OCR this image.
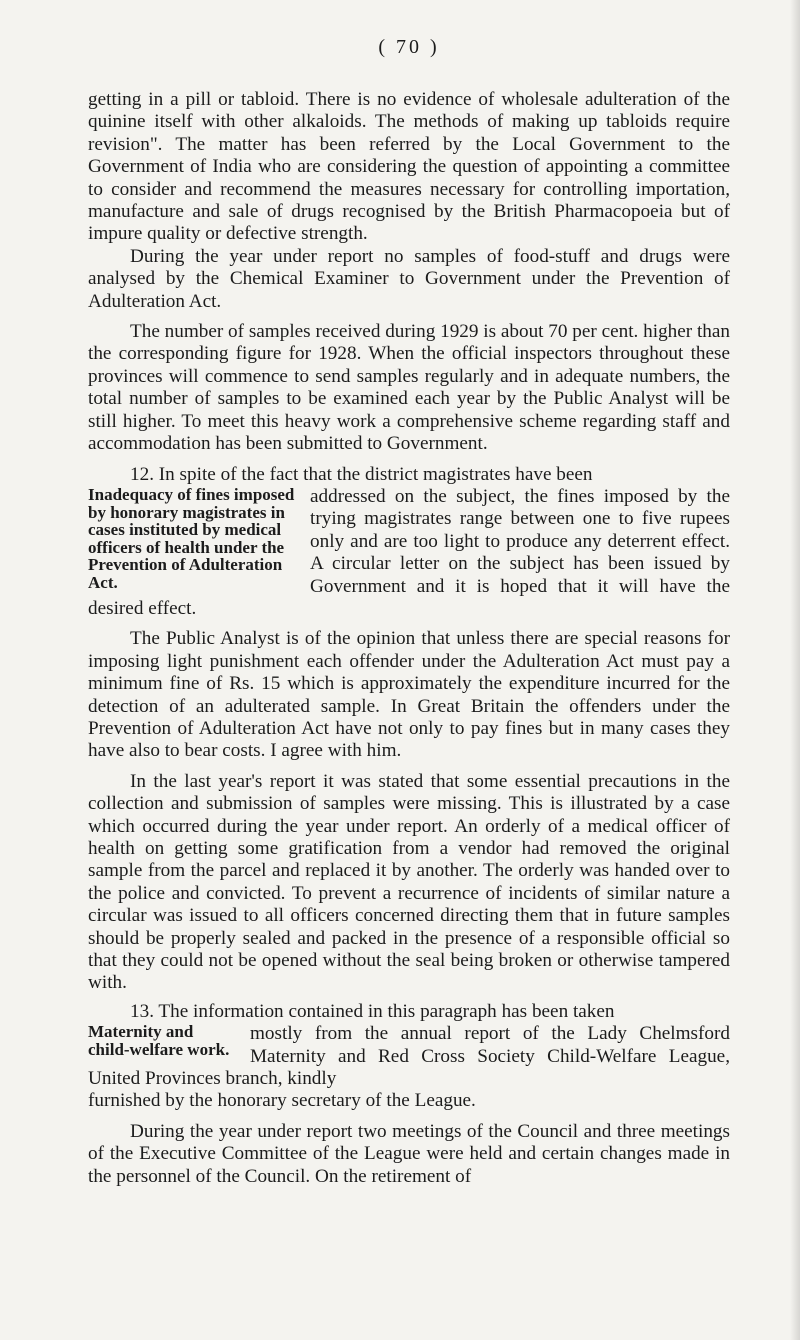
( 70 )

getting in a pill or tabloid. There is no evidence of wholesale adulteration of the quinine itself with other alkaloids. The methods of making up tabloids require revision". The matter has been referred by the Local Government to the Government of India who are considering the question of appointing a committee to consider and recommend the measures necessary for controlling importation, manufacture and sale of drugs recognised by the British Pharmacopoeia but of impure quality or defective strength.

During the year under report no samples of food-stuff and drugs were analysed by the Chemical Examiner to Government under the Prevention of Adulteration Act.

The number of samples received during 1929 is about 70 per cent. higher than the corresponding figure for 1928. When the official inspectors throughout these provinces will commence to send samples regularly and in adequate numbers, the total number of samples to be examined each year by the Public Analyst will be still higher. To meet this heavy work a comprehensive scheme regarding staff and accommodation has been submitted to Government.

12. In spite of the fact that the district magistrates have been

Inadequacy of fines imposed by honorary magistrates in cases instituted by medical officers of health under the Prevention of Adulteration Act.

addressed on the subject, the fines imposed by the trying magistrates range between one to five rupees only and are too light to produce any deterrent effect. A circular letter on the subject has been issued by Government and it is hoped that it will have the desired effect.

The Public Analyst is of the opinion that unless there are special reasons for imposing light punishment each offender under the Adulteration Act must pay a minimum fine of Rs. 15 which is approximately the expenditure incurred for the detection of an adulterated sample. In Great Britain the offenders under the Prevention of Adulteration Act have not only to pay fines but in many cases they have also to bear costs. I agree with him.

In the last year's report it was stated that some essential precautions in the collection and submission of samples were missing. This is illustrated by a case which occurred during the year under report. An orderly of a medical officer of health on getting some gratification from a vendor had removed the original sample from the parcel and replaced it by another. The orderly was handed over to the police and convicted. To prevent a recurrence of incidents of similar nature a circular was issued to all officers concerned directing them that in future samples should be properly sealed and packed in the presence of a responsible official so that they could not be opened without the seal being broken or otherwise tampered with.

13. The information contained in this paragraph has been taken

Maternity and child-welfare work.

mostly from the annual report of the Lady Chelmsford Maternity and Red Cross Society Child-Welfare League, United Provinces branch, kindly

furnished by the honorary secretary of the League.

During the year under report two meetings of the Council and three meetings of the Executive Committee of the League were held and certain changes made in the personnel of the Council. On the retirement of
